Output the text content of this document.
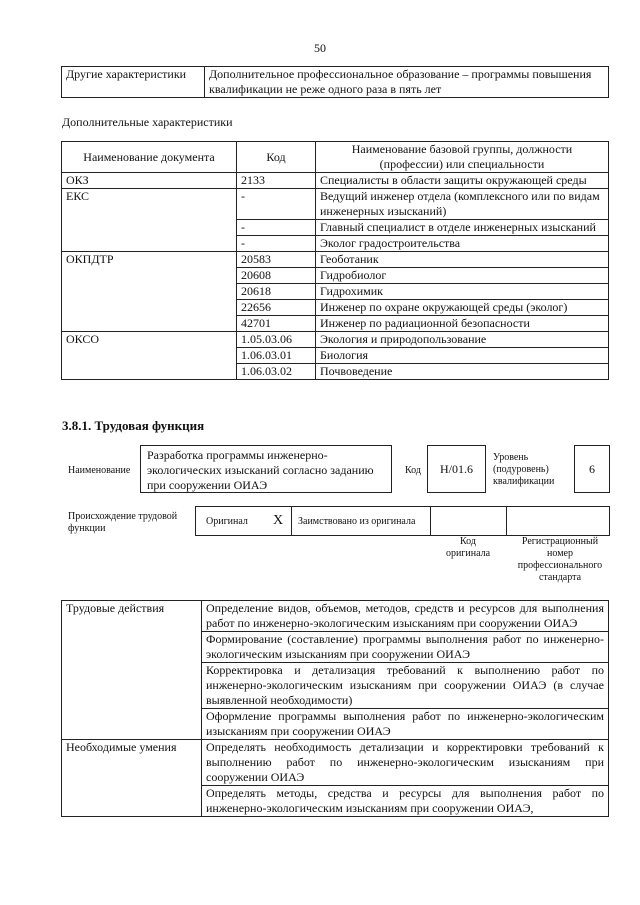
50
Другие характеристики	Дополнительное профессиональное образование – программы повышения квалификации не реже одного раза в пять лет
Дополнительные характеристики
Наименование документа	Код	Наименование базовой группы, должности (профессии) или специальности
ОКЗ	2133	Специалисты в области защиты окружающей среды
ЕКС	-	Ведущий инженер отдела (комплексного или по видам инженерных изысканий)
	-	Главный специалист в отделе инженерных изысканий
	-	Эколог градостроительства
ОКПДТР	20583	Геоботаник
	20608	Гидробиолог
	20618	Гидрохимик
	22656	Инженер по охране окружающей среды (эколог)
	42701	Инженер по радиационной безопасности
ОКСО	1.05.03.06	Экология и природопользование
	1.06.03.01	Биология
	1.06.03.02	Почвоведение
3.8.1. Трудовая функция
Наименование
Разработка программы инженерно-экологических изысканий согласно заданию при сооружении ОИАЭ
Код	Н/01.6
Уровень (подуровень) квалификации
6
Происхождение трудовой функции
Оригинал X Заимствовано из оригинала
Код оригинала
Регистрационный номер профессионального стандарта
Трудовые действия	Определение видов, объемов, методов, средств и ресурсов для выполнения работ по инженерно-экологическим изысканиям при сооружении ОИАЭ
	Формирование (составление) программы выполнения работ по инженерно-экологическим изысканиям при сооружении ОИАЭ
	Корректировка и детализация требований к выполнению работ по инженерно-экологическим изысканиям при сооружении ОИАЭ (в случае выявленной необходимости)
	Оформление программы выполнения работ по инженерно-экологическим изысканиям при сооружении ОИАЭ
Необходимые умения	Определять необходимость детализации и корректировки требований к выполнению работ по инженерно-экологическим изысканиям при сооружении ОИАЭ
	Определять методы, средства и ресурсы для выполнения работ по инженерно-экологическим изысканиям при сооружении ОИАЭ,
